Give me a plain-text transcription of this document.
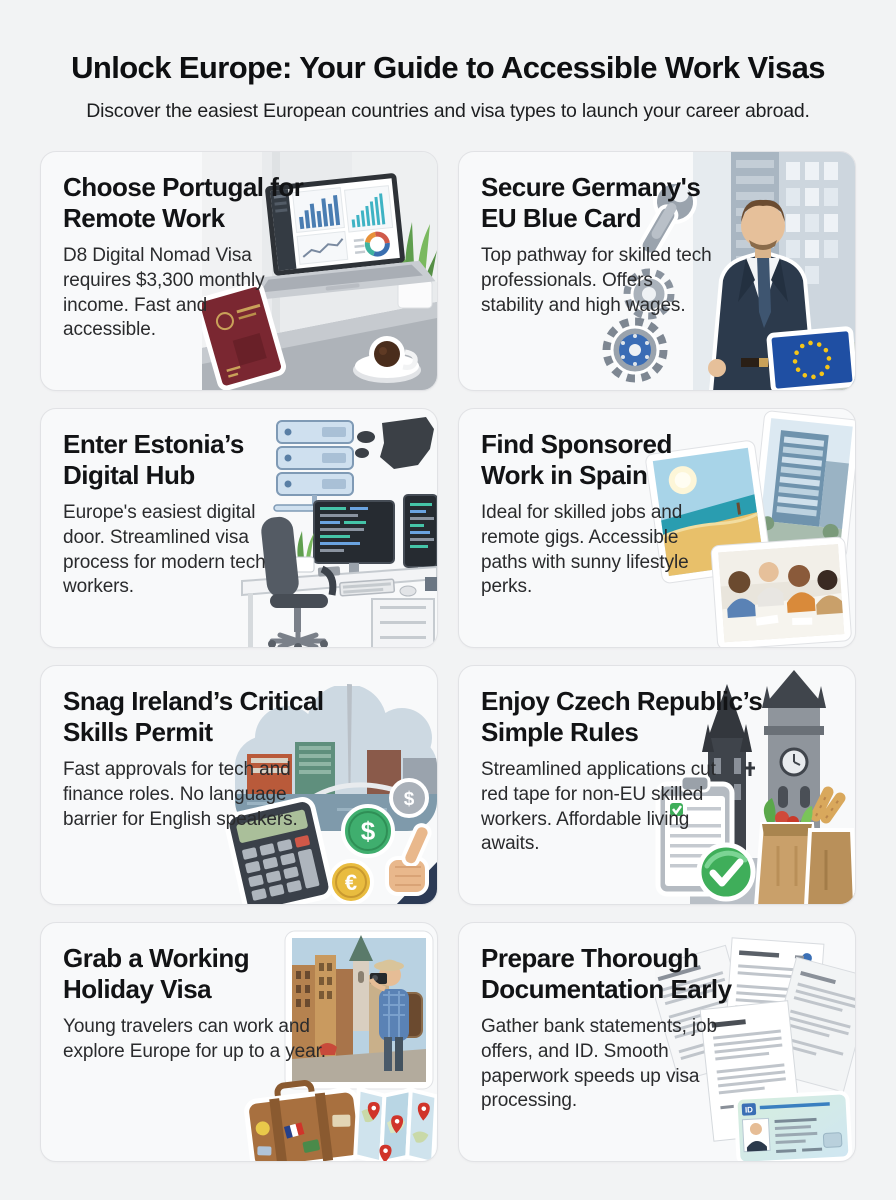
Unlock Europe: Your Guide to Accessible Work Visas
Discover the easiest European countries and visa types to launch your career abroad.
Choose Portugal for Remote Work
D8 Digital Nomad Visa requires $3,300 monthly income. Fast and accessible.
Secure Germany's EU Blue Card
Top pathway for skilled tech professionals. Offers stability and high wages.
Enter Estonia’s Digital Hub
Europe's easiest digital door. Streamlined visa process for modern tech workers.
Find Sponsored Work in Spain
Ideal for skilled jobs and remote gigs. Accessible paths with sunny lifestyle perks.
Snag Ireland’s Critical Skills Permit
Fast approvals for tech and finance roles. No language barrier for English speakers. $
$
€
Enjoy Czech Republic’s Simple Rules
Streamlined applications cut red tape for non-EU skilled workers. Affordable living awaits.
Grab a Working Holiday Visa
Young travelers can work and explore Europe for up to a year.
Prepare Thorough Documentation Early
Gather bank statements, job offers, and ID. Smooth paperwork speeds up visa processing.	ID
